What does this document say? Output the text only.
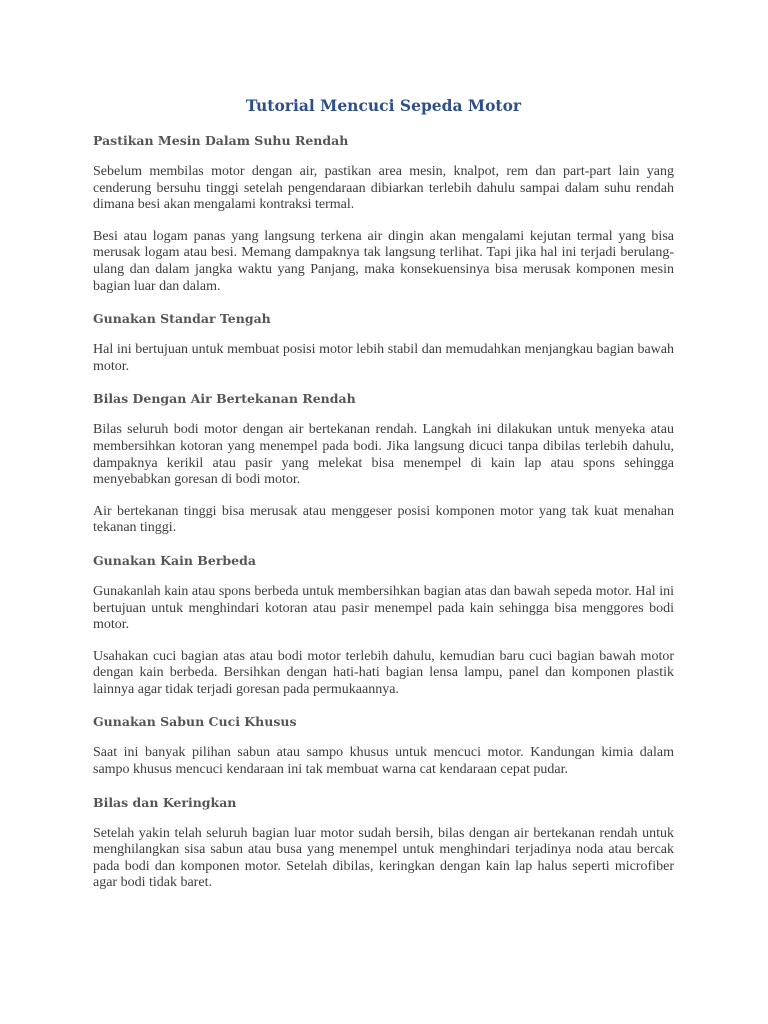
Tutorial Mencuci Sepeda Motor
Pastikan Mesin Dalam Suhu Rendah

Sebelum membilas motor dengan air, pastikan area mesin, knalpot, rem dan part-part lain yang cenderung bersuhu tinggi setelah pengendaraan dibiarkan terlebih dahulu sampai dalam suhu rendah dimana besi akan mengalami kontraksi termal.

Besi atau logam panas yang langsung terkena air dingin akan mengalami kejutan termal yang bisa merusak logam atau besi. Memang dampaknya tak langsung terlihat. Tapi jika hal ini terjadi berulang-ulang dan dalam jangka waktu yang Panjang, maka konsekuensinya bisa merusak komponen mesin bagian luar dan dalam.

Gunakan Standar Tengah

Hal ini bertujuan untuk membuat posisi motor lebih stabil dan memudahkan menjangkau bagian bawah motor.

Bilas Dengan Air Bertekanan Rendah

Bilas seluruh bodi motor dengan air bertekanan rendah. Langkah ini dilakukan untuk menyeka atau membersihkan kotoran yang menempel pada bodi. Jika langsung dicuci tanpa dibilas terlebih dahulu, dampaknya kerikil atau pasir yang melekat bisa menempel di kain lap atau spons sehingga menyebabkan goresan di bodi motor.

Air bertekanan tinggi bisa merusak atau menggeser posisi komponen motor yang tak kuat menahan tekanan tinggi.

Gunakan Kain Berbeda

Gunakanlah kain atau spons berbeda untuk membersihkan bagian atas dan bawah sepeda motor. Hal ini bertujuan untuk menghindari kotoran atau pasir menempel pada kain sehingga bisa menggores bodi motor.

Usahakan cuci bagian atas atau bodi motor terlebih dahulu, kemudian baru cuci bagian bawah motor dengan kain berbeda. Bersihkan dengan hati-hati bagian lensa lampu, panel dan komponen plastik lainnya agar tidak terjadi goresan pada permukaannya.

Gunakan Sabun Cuci Khusus

Saat ini banyak pilihan sabun atau sampo khusus untuk mencuci motor. Kandungan kimia dalam sampo khusus mencuci kendaraan ini tak membuat warna cat kendaraan cepat pudar.

Bilas dan Keringkan

Setelah yakin telah seluruh bagian luar motor sudah bersih, bilas dengan air bertekanan rendah untuk menghilangkan sisa sabun atau busa yang menempel untuk menghindari terjadinya noda atau bercak pada bodi dan komponen motor. Setelah dibilas, keringkan dengan kain lap halus seperti microfiber agar bodi tidak baret.
